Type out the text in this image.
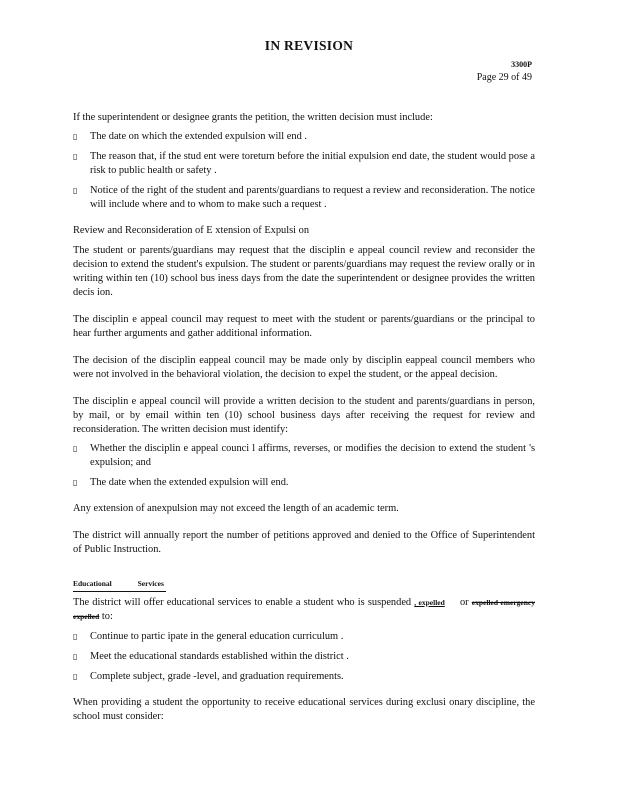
IN REVISION
3300P
Page 29 of 49

If the superintendent or designee grants the petition, the written decision must include:

▯	The date on which the extended expulsion will end .
▯	The reason that, if the stud ent were toreturn before the initial expulsion end date, the student would pose a risk to public health or safety .
▯	Notice of the right of the student and parents/guardians to request a review and reconsideration. The notice will include where and to whom to make such a request .

Review and Reconsideration of E xtension of Expulsi on

The student or parents/guardians may request that the disciplin e appeal council review and reconsider the decision to extend the student's expulsion. The student or parents/guardians may request the review orally or in writing within ten (10) school bus iness days from the date the superintendent or designee provides the written decis ion.

The disciplin e appeal council may request to meet with the student or parents/guardians or the principal to hear further arguments and gather additional information.

The decision of the disciplin eappeal council may be made only by disciplin eappeal council members who were not involved in the behavioral violation, the decision to expel the student, or the appeal decision.

The disciplin e appeal council will provide a written decision to the student and parents/guardians in person, by mail, or by email within ten (10) school business days after receiving the request for review and reconsideration. The written decision must identify:

▯	Whether the disciplin e appeal counci l affirms, reverses, or modifies the decision to extend the student 's expulsion; and
▯	The date when the extended expulsion will end.

Any extension of anexpulsion may not exceed the length of an academic term.

The district will annually report the number of petitions approved and denied to the Office of Superintendent of Public Instruction.

Educational Services

The district will offer educational services to enable a student who is suspended , expelled or expelled emergency expelled to:

▯	Continue to partic ipate in the general education curriculum .
▯	Meet the educational standards established within the district .
▯	Complete subject, grade -level, and graduation requirements.

When providing a student the opportunity to receive educational services during exclusi onary discipline, the school must consider:
